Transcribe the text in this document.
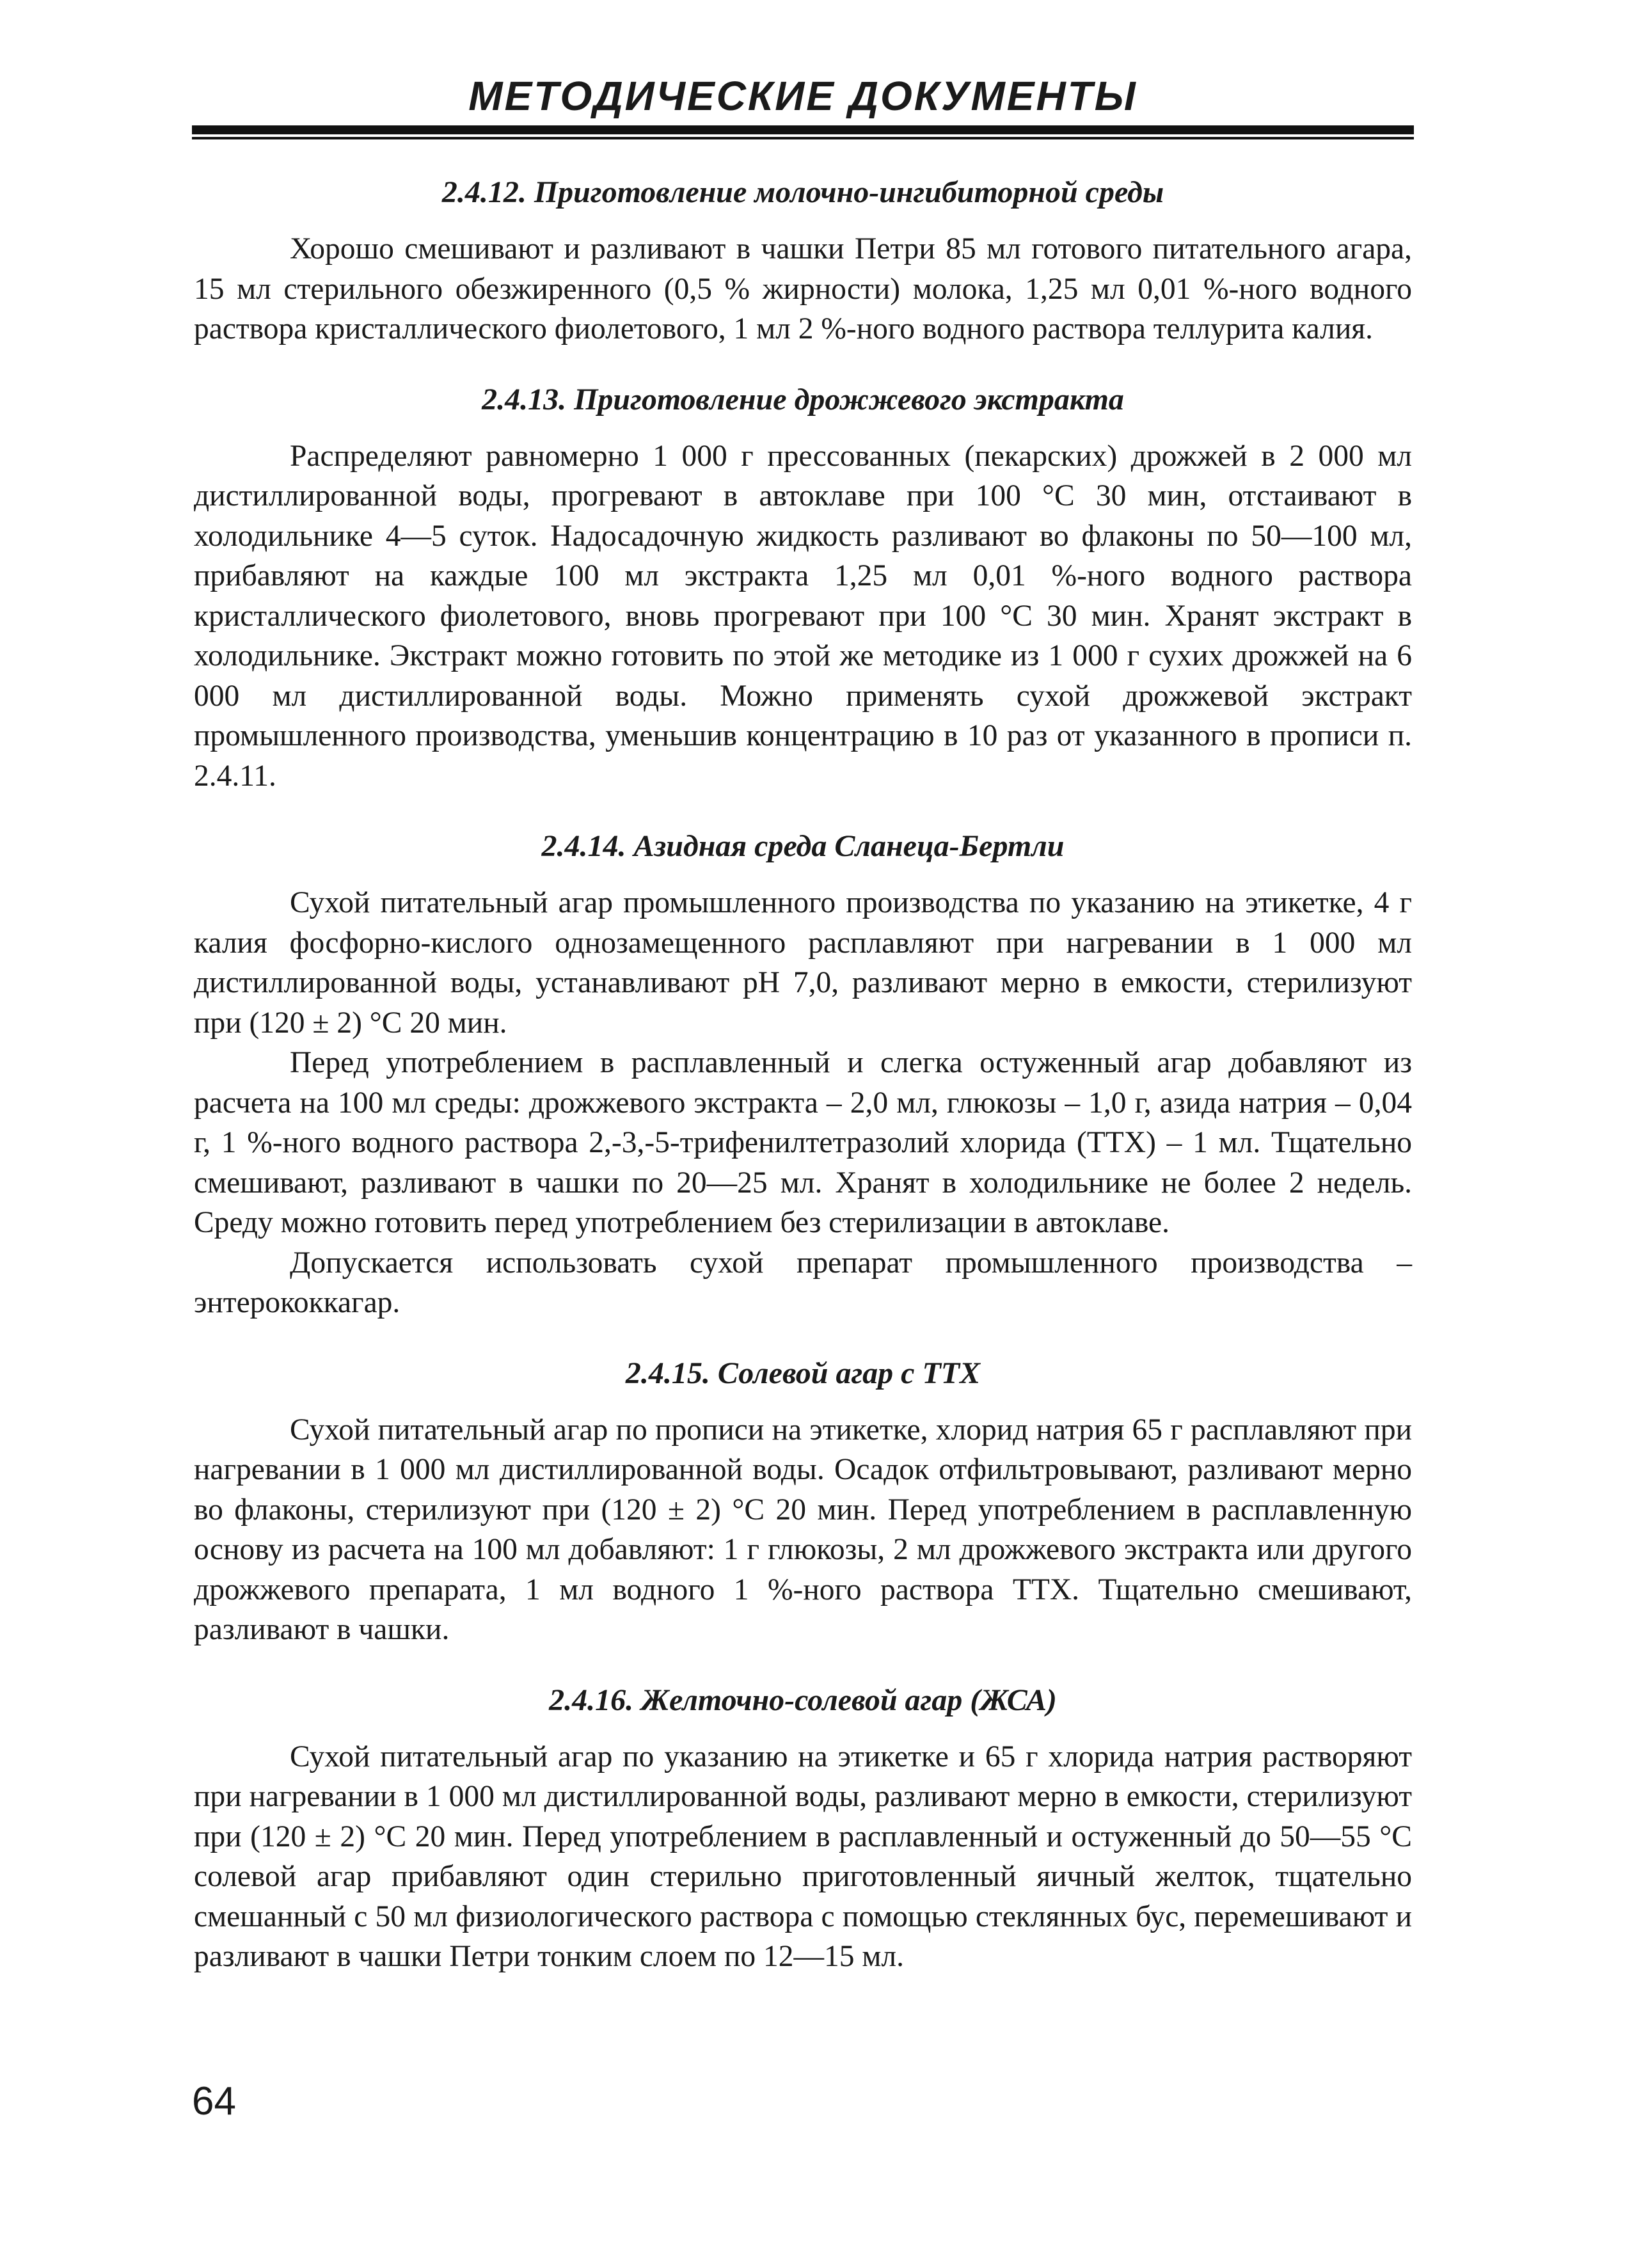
МЕТОДИЧЕСКИЕ ДОКУМЕНТЫ
2.4.12. Приготовление молочно-ингибиторной среды

Хорошо смешивают и разливают в чашки Петри 85 мл готового питательного агара, 15 мл стерильного обезжиренного (0,5 % жирности) молока, 1,25 мл 0,01 %-ного водного раствора кристаллического фиолетового, 1 мл 2 %-ного водного раствора теллурита калия.

2.4.13. Приготовление дрожжевого экстракта

Распределяют равномерно 1 000 г прессованных (пекарских) дрожжей в 2 000 мл дистиллированной воды, прогревают в автоклаве при 100 °С 30 мин, отстаивают в холодильнике 4—5 суток. Надосадочную жидкость разливают во флаконы по 50—100 мл, прибавляют на каждые 100 мл экстракта 1,25 мл 0,01 %-ного водного раствора кристаллического фиолетового, вновь прогревают при 100 °С 30 мин. Хранят экстракт в холодильнике. Экстракт можно готовить по этой же методике из 1 000 г сухих дрожжей на 6 000 мл дистиллированной воды. Можно применять сухой дрожжевой экстракт промышленного производства, уменьшив концентрацию в 10 раз от указанного в прописи п. 2.4.11.

2.4.14. Азидная среда Сланеца-Бертли

Сухой питательный агар промышленного производства по указанию на этикетке, 4 г калия фосфорно-кислого однозамещенного расплавляют при нагревании в 1 000 мл дистиллированной воды, устанавливают pH 7,0, разливают мерно в емкости, стерилизуют при (120 ± 2) °С 20 мин.

Перед употреблением в расплавленный и слегка остуженный агар добавляют из расчета на 100 мл среды: дрожжевого экстракта – 2,0 мл, глюкозы – 1,0 г, азида натрия – 0,04 г, 1 %-ного водного раствора 2,-3,-5-трифенилтетразолий хлорида (ТТХ) – 1 мл. Тщательно смешивают, разливают в чашки по 20—25 мл. Хранят в холодильнике не более 2 недель. Среду можно готовить перед употреблением без стерилизации в автоклаве.

Допускается использовать сухой препарат промышленного производства – энтерококкагар.

2.4.15. Солевой агар с ТТХ

Сухой питательный агар по прописи на этикетке, хлорид натрия 65 г расплавляют при нагревании в 1 000 мл дистиллированной воды. Осадок отфильтровывают, разливают мерно во флаконы, стерилизуют при (120 ± 2) °С 20 мин. Перед употреблением в расплавленную основу из расчета на 100 мл добавляют: 1 г глюкозы, 2 мл дрожжевого экстракта или другого дрожжевого препарата, 1 мл водного 1 %-ного раствора ТТХ. Тщательно смешивают, разливают в чашки.

2.4.16. Желточно-солевой агар (ЖСА)

Сухой питательный агар по указанию на этикетке и 65 г хлорида натрия растворяют при нагревании в 1 000 мл дистиллированной воды, разливают мерно в емкости, стерилизуют при (120 ± 2) °С 20 мин. Перед употреблением в расплавленный и остуженный до 50—55 °С солевой агар прибавляют один стерильно приготовленный яичный желток, тщательно смешанный с 50 мл физиологического раствора с помощью стеклянных бус, перемешивают и разливают в чашки Петри тонким слоем по 12—15 мл.

64
